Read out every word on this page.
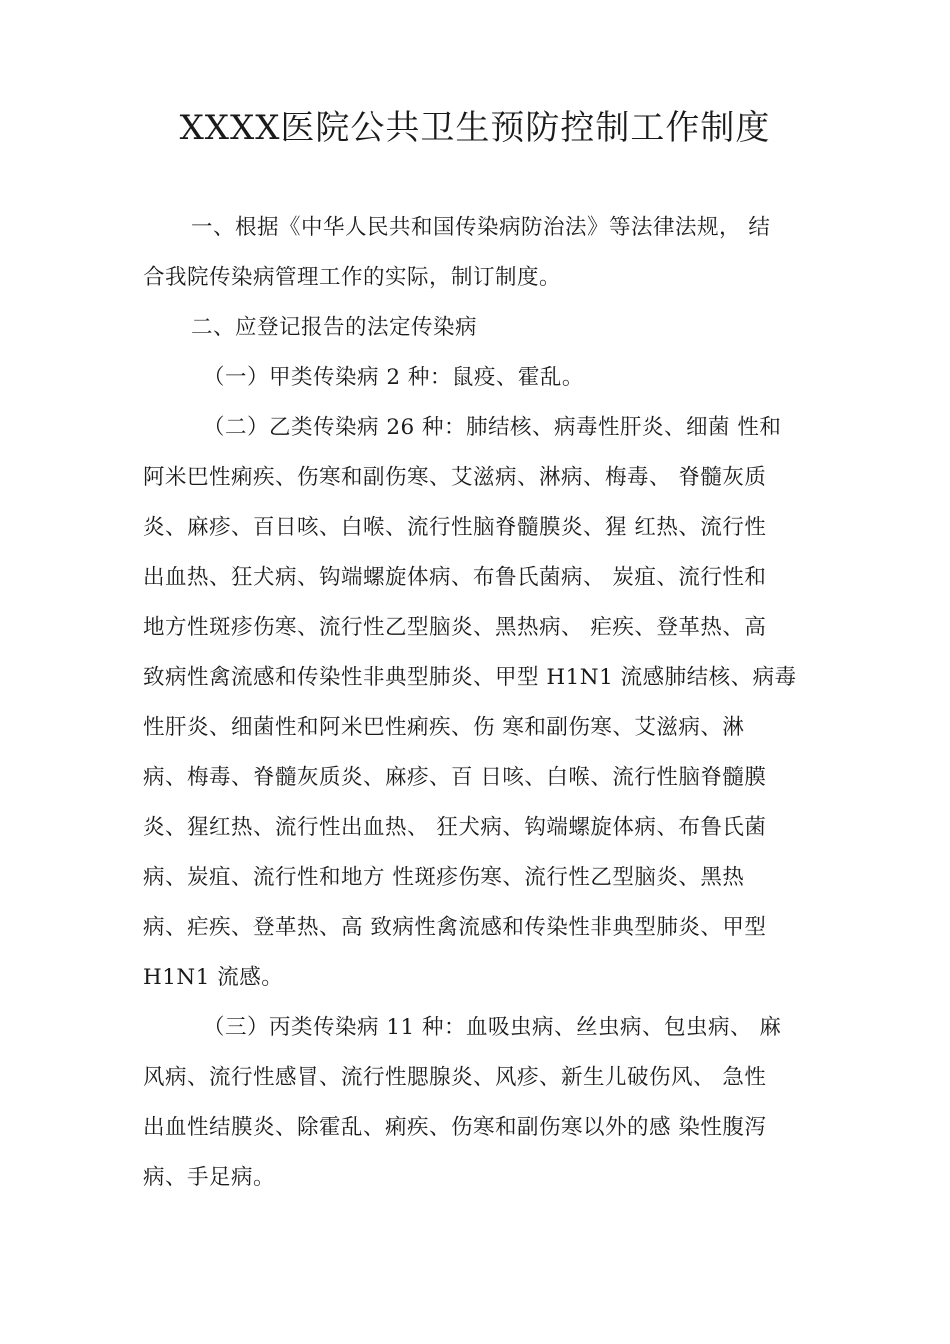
XXXX医院公共卫生预防控制工作制度
一、根据《中华人民共和国传染病防治法》等法律法规， 结
合我院传染病管理工作的实际，制订制度。
二、应登记报告的法定传染病
（一）甲类传染病 2 种：鼠疫、霍乱。
（二）乙类传染病 26 种：肺结核、病毒性肝炎、细菌 性和
阿米巴性痢疾、伤寒和副伤寒、艾滋病、淋病、梅毒、 脊髓灰质
炎、麻疹、百日咳、白喉、流行性脑脊髓膜炎、猩 红热、流行性
出血热、狂犬病、钩端螺旋体病、布鲁氏菌病、 炭疽、流行性和
地方性斑疹伤寒、流行性乙型脑炎、黑热病、 疟疾、登革热、高
致病性禽流感和传染性非典型肺炎、甲型 H1N1 流感肺结核、病毒
性肝炎、细菌性和阿米巴性痢疾、伤 寒和副伤寒、艾滋病、淋
病、梅毒、脊髓灰质炎、麻疹、百 日咳、白喉、流行性脑脊髓膜
炎、猩红热、流行性出血热、 狂犬病、钩端螺旋体病、布鲁氏菌
病、炭疽、流行性和地方 性斑疹伤寒、流行性乙型脑炎、黑热
病、疟疾、登革热、高 致病性禽流感和传染性非典型肺炎、甲型
H1N1 流感。
（三）丙类传染病 11 种：血吸虫病、丝虫病、包虫病、 麻
风病、流行性感冒、流行性腮腺炎、风疹、新生儿破伤风、 急性
出血性结膜炎、除霍乱、痢疾、伤寒和副伤寒以外的感 染性腹泻
病、手足病。
